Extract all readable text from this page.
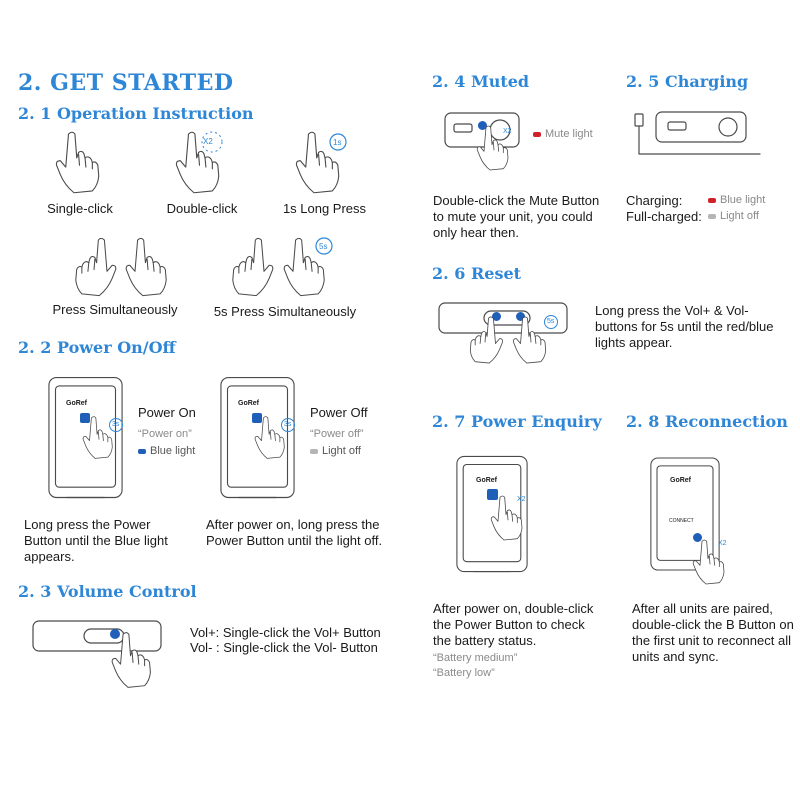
2. GET STARTED
2. 1 Operation Instruction
Single-click
X2
Double-click
1s
1s Long Press
Press Simultaneously
5s
5s Press Simultaneously
2. 2 Power On/Off
GoRef
3s
Power On
“Power on”
Blue light
GoRef
3s
Power Off
“Power off”
Light off
Long press the Power Button until the Blue light appears.
After power on, long press the Power Button until the light off.
2. 3 Volume Control
Vol+: Single-click the Vol+ Button
Vol- : Single-click the Vol- Button
2. 4 Muted
X2	Mute light
Double-click the Mute Button to mute your unit, you could only hear then.
2. 5 Charging
Charging:	Blue light
Full-charged:	Light off
2. 6 Reset
5s
Long press the Vol+ & Vol- buttons for 5s until the red/blue lights appear.
2. 7 Power Enquiry
GoRef
X2
After power on, double-click the Power Button to check the battery status.
“Battery medium”
“Battery low”
2. 8 Reconnection
GoRef
CONNECT
X2
After all units are paired, double-click the B Button on the first unit to reconnect all units and sync.
